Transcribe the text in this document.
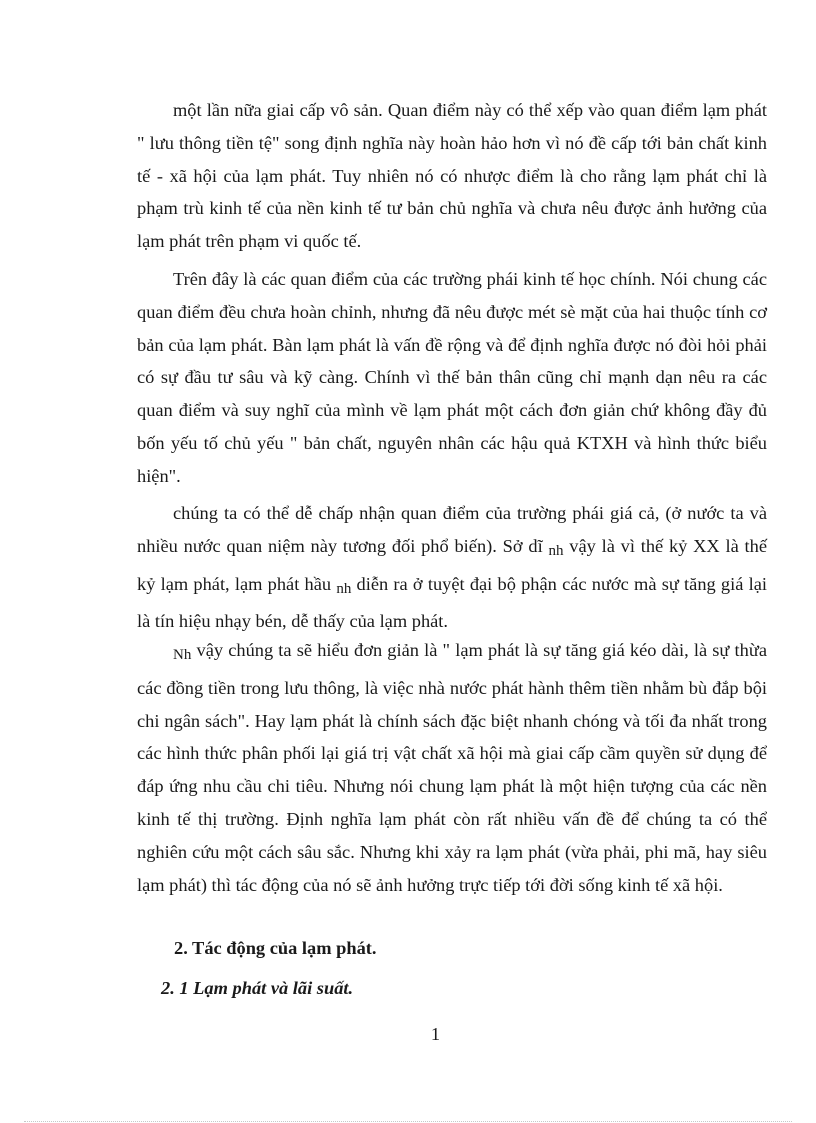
một lần nữa giai cấp vô sản. Quan điểm này có thể xếp vào quan điểm lạm phát " lưu thông tiền tệ" song định nghĩa này hoàn hảo hơn vì nó đề cấp tới bản chất kinh tế - xã hội của lạm phát. Tuy nhiên nó có nhược điểm là cho rằng lạm phát chỉ là phạm trù kinh tế của nền kinh tế tư bản chủ nghĩa và chưa nêu được ảnh hưởng của lạm phát trên phạm vi quốc tế.

Trên đây là các quan điểm của các trường phái kinh tế học chính. Nói chung các quan điểm đều chưa hoàn chỉnh, nhưng đã nêu được mét sè mặt của hai thuộc tính cơ bản của lạm phát. Bàn lạm phát là vấn đề rộng và để định nghĩa được nó đòi hỏi phải có sự đầu tư sâu và kỹ càng. Chính vì thế bản thân cũng chỉ mạnh dạn nêu ra các quan điểm và suy nghĩ của mình về lạm phát một cách đơn giản chứ không đầy đủ bốn yếu tố chủ yếu " bản chất, nguyên nhân các hậu quả KTXH và hình thức biểu hiện".

chúng ta có thể dễ chấp nhận quan điểm của trường phái giá cả, (ở nước ta và nhiều nước quan niệm này tương đối phổ biến). Sở dĩ nh vậy là vì thế kỷ XX là thế kỷ lạm phát, lạm phát hầu nh diễn ra ở tuyệt đại bộ phận các nước mà sự tăng giá lại là tín hiệu nhạy bén, dễ thấy của lạm phát.

Nh vậy chúng ta sẽ hiểu đơn giản là " lạm phát là sự tăng giá kéo dài, là sự thừa các đồng tiền trong lưu thông, là việc nhà nước phát hành thêm tiền nhằm bù đắp bội chi ngân sách". Hay lạm phát là chính sách đặc biệt nhanh chóng và tối đa nhất trong các hình thức phân phối lại giá trị vật chất xã hội mà giai cấp cầm quyền sử dụng để đáp ứng nhu cầu chi tiêu. Nhưng nói chung lạm phát là một hiện tượng của các nền kinh tế thị trường. Định nghĩa lạm phát còn rất nhiều vấn đề để chúng ta có thể nghiên cứu một cách sâu sắc. Nhưng khi xảy ra lạm phát (vừa phải, phi mã, hay siêu lạm phát) thì tác động của nó sẽ ảnh hưởng trực tiếp tới đời sống kinh tế xã hội.

2. Tác động của lạm phát.

2. 1 Lạm phát và lãi suất.

1
